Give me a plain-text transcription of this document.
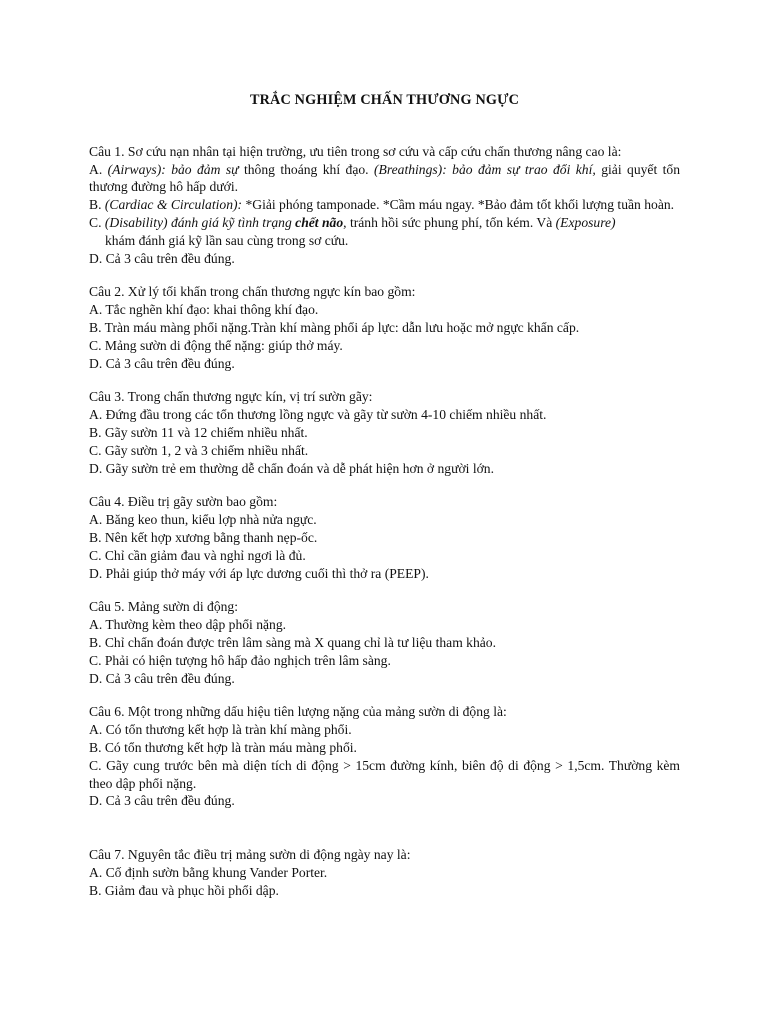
TRẮC NGHIỆM CHẤN THƯƠNG NGỰC

Câu 1. Sơ cứu nạn nhân tại hiện trường, ưu tiên trong sơ cứu và cấp cứu chấn thương nâng cao là:

A. (Airways): bảo đảm sự thông thoáng khí đạo. (Breathings): bảo đảm sự trao đổi khí, giải quyết tổn thương đường hô hấp dưới.

B. (Cardiac & Circulation): *Giải phóng tamponade. *Cầm máu ngay. *Bảo đảm tốt khối lượng tuần hoàn.

C. (Disability) đánh giá kỹ tình trạng chết não, tránh hồi sức phung phí, tốn kém. Và (Exposure)

khám đánh giá kỹ lần sau cùng trong sơ cứu.

D. Cả 3 câu trên đều đúng.

Câu 2. Xử lý tối khẩn trong chấn thương ngực kín bao gồm:

A. Tắc nghẽn khí đạo: khai thông khí đạo.

B. Tràn máu màng phổi nặng.Tràn khí màng phổi áp lực: dẫn lưu hoặc mở ngực khẩn cấp.

C. Mảng sườn di động thể nặng: giúp thở máy.

D. Cả 3 câu trên đều đúng.

Câu 3. Trong chấn thương ngực kín, vị trí sườn gãy:

A. Đứng đầu trong các tổn thương lồng ngực và gãy từ sườn 4-10 chiếm nhiều nhất.

B. Gãy sườn 11 và 12 chiếm nhiều nhất.

C. Gãy sườn 1, 2 và 3 chiếm nhiều nhất.

D. Gãy sườn trẻ em thường dễ chẩn đoán và dễ phát hiện hơn ở người lớn.

Câu 4. Điều trị gãy sườn bao gồm:

A. Băng keo thun, kiểu lợp nhà nửa ngực.

B. Nên kết hợp xương bằng thanh nẹp-ốc.

C. Chỉ cần giảm đau và nghỉ ngơi là đủ.

D. Phải giúp thở máy với áp lực dương cuối thì thở ra (PEEP).

Câu 5. Mảng sườn di động:

A. Thường kèm theo dập phổi nặng.

B. Chỉ chẩn đoán được trên lâm sàng mà X quang chỉ là tư liệu tham khảo.

C. Phải có hiện tượng hô hấp đảo nghịch trên lâm sàng.

D. Cả 3 câu trên đều đúng.

Câu 6. Một trong những dấu hiệu tiên lượng nặng của mảng sườn di động là:

A. Có tổn thương kết hợp là tràn khí màng phổi.

B. Có tổn thương kết hợp là tràn máu màng phổi.

C. Gãy cung trước bên mà diện tích di động > 15cm đường kính, biên độ di động > 1,5cm. Thường kèm theo dập phổi nặng.

D. Cả 3 câu trên đều đúng.

Câu 7. Nguyên tắc điều trị mảng sườn di động ngày nay là:

A. Cố định sườn bằng khung Vander Porter.

B. Giảm đau và phục hồi phổi dập.
